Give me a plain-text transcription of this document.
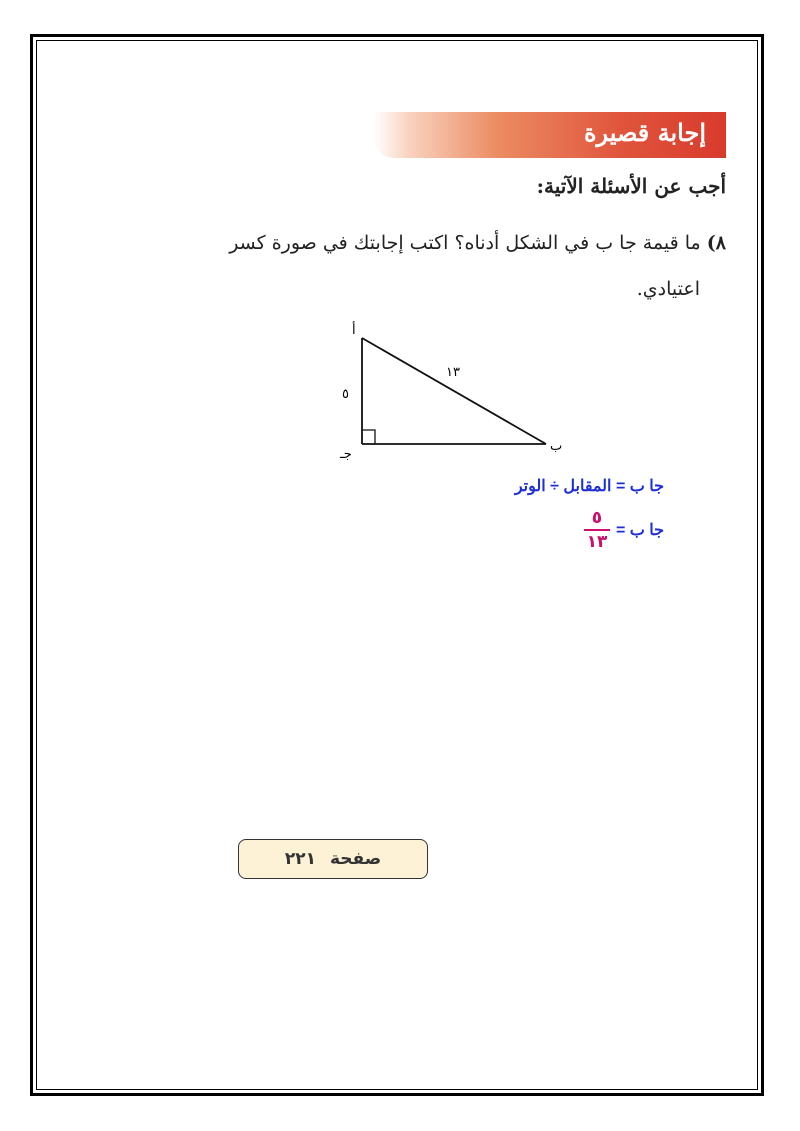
إجابة قصيرة
أجب عن الأسئلة الآتية:
٨) ما قيمة جا ب في الشكل أدناه؟ اكتب إجابتك في صورة كسر
اعتيادي.
أ
جـ
ب
٥
١٣
جا ب = المقابل ÷ الوتر
جا ب =
$\frac{٥}{١٣}$
صفحة
٢٢١
